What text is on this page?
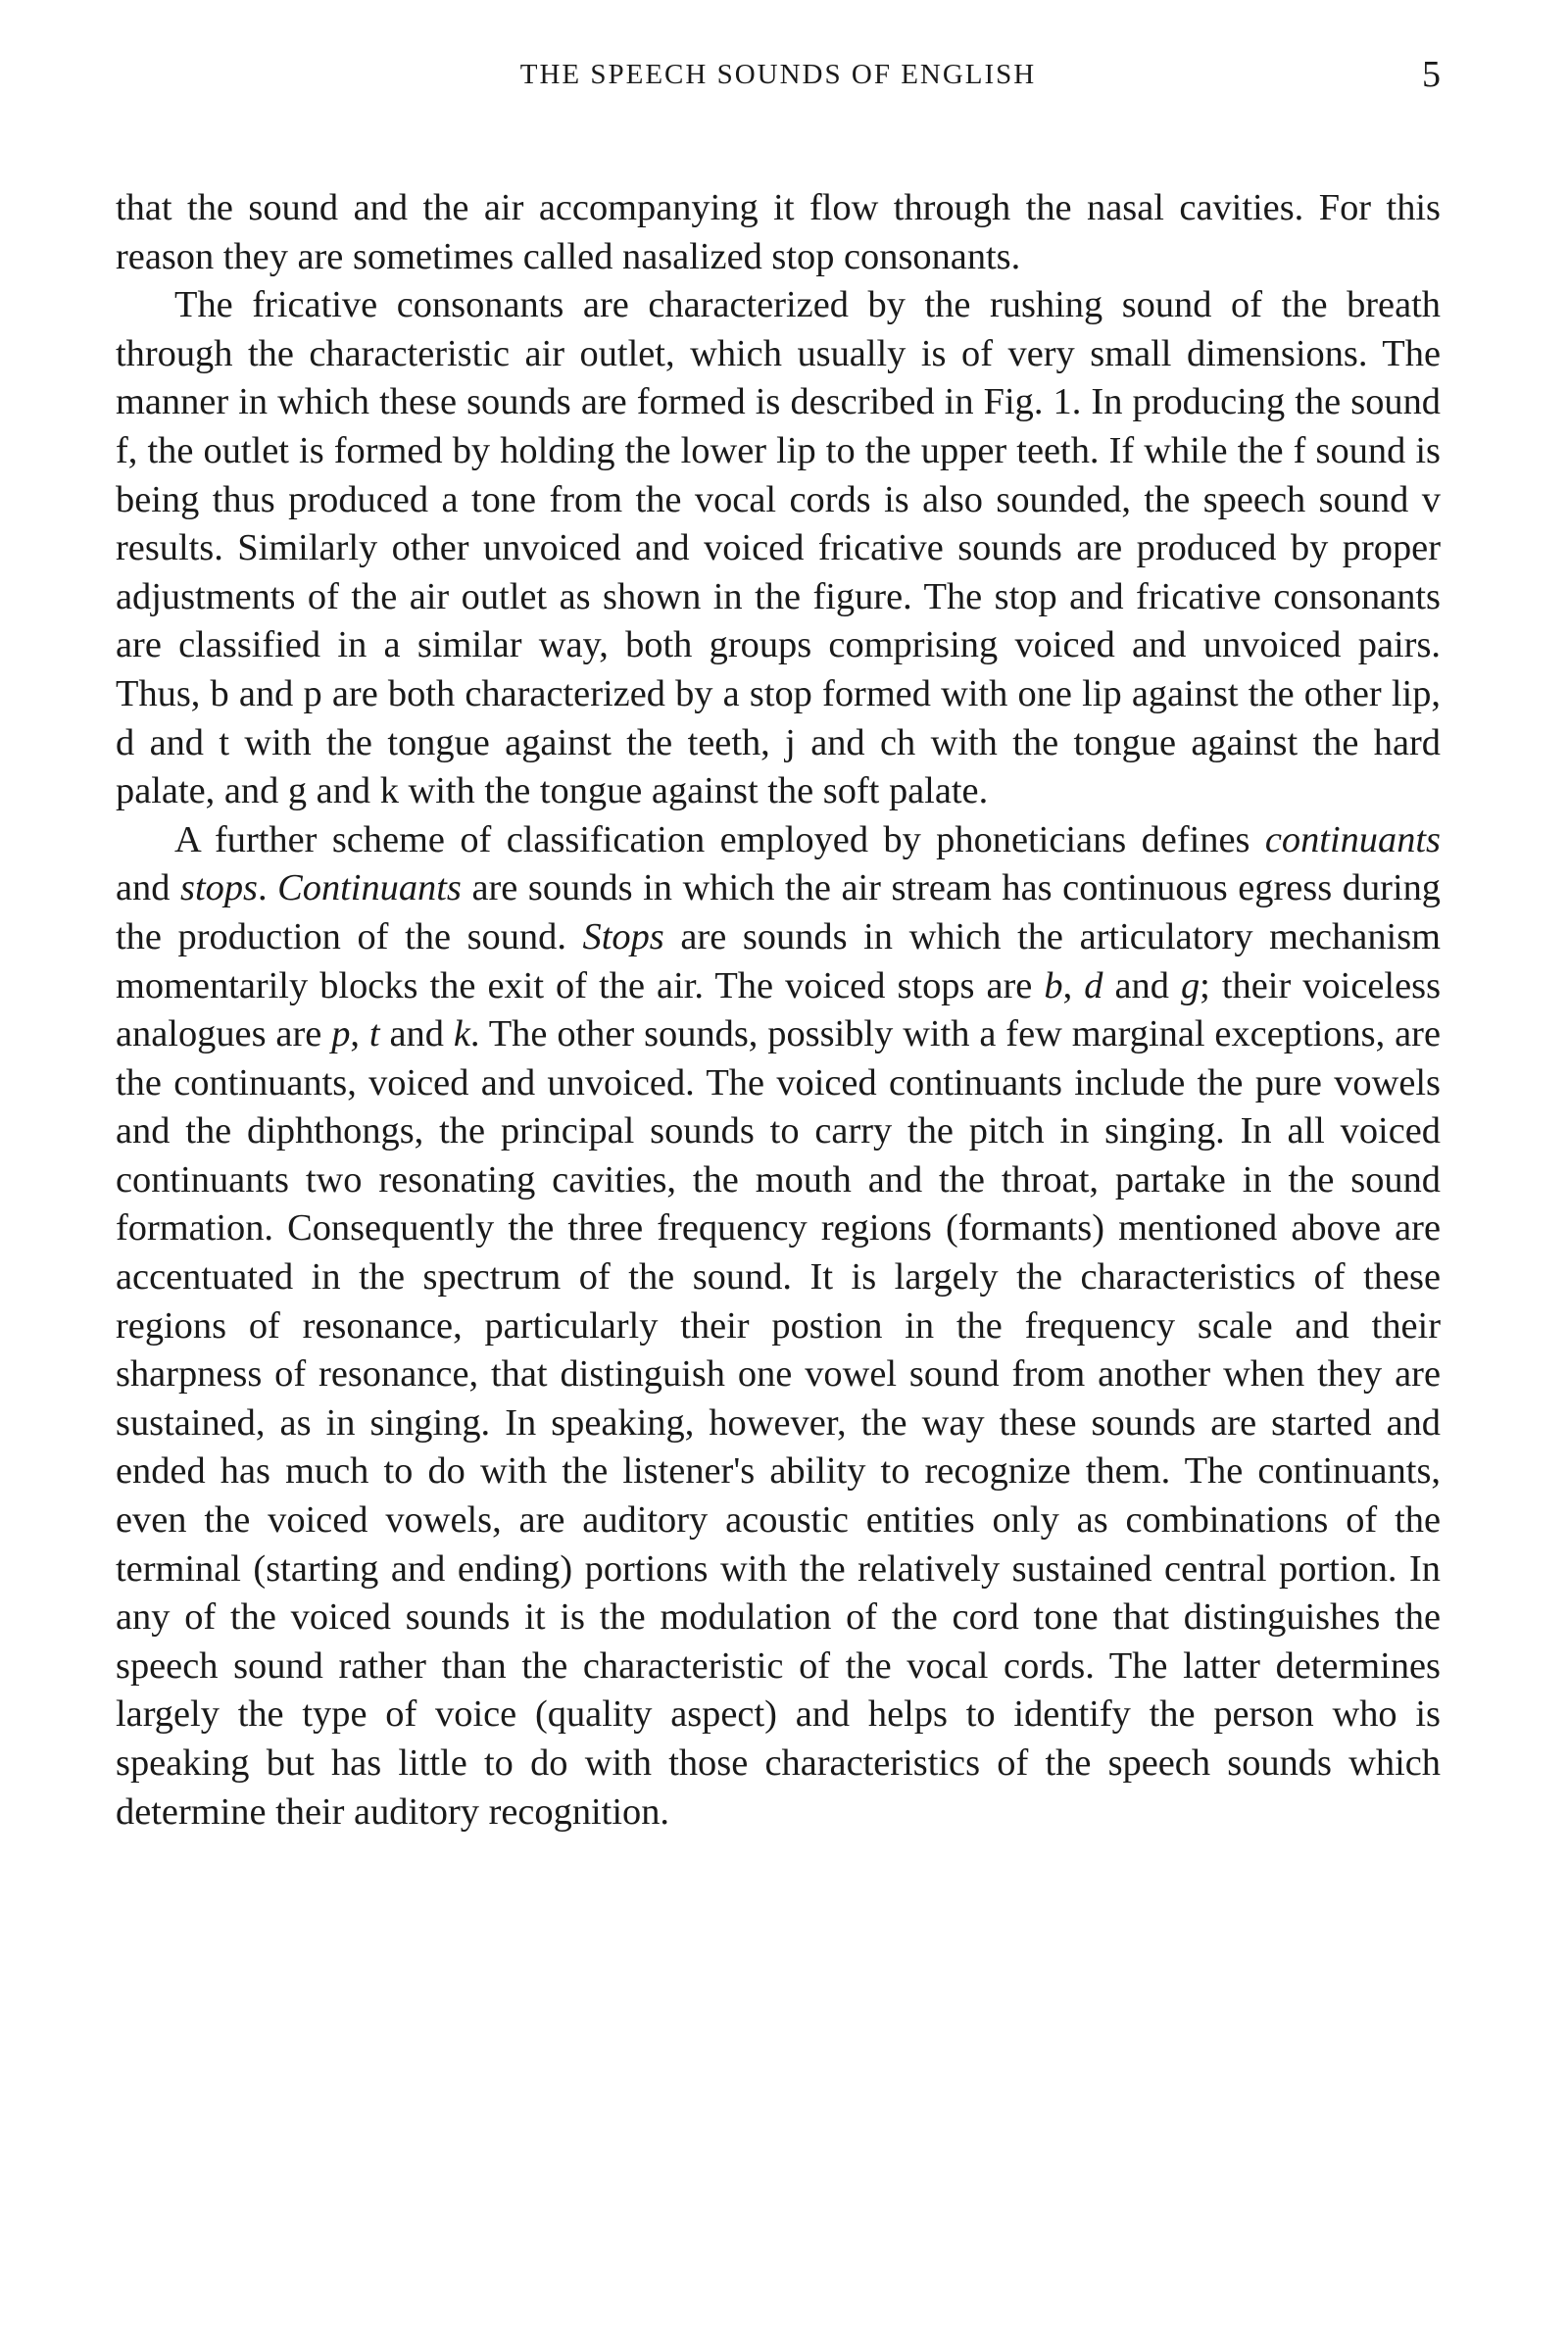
THE SPEECH SOUNDS OF ENGLISH	5

that the sound and the air accompanying it flow through the nasal cavities. For this reason they are sometimes called nasalized stop consonants.

The fricative consonants are characterized by the rushing sound of the breath through the characteristic air outlet, which usually is of very small dimensions. The manner in which these sounds are formed is described in Fig. 1. In producing the sound f, the outlet is formed by holding the lower lip to the upper teeth. If while the f sound is being thus produced a tone from the vocal cords is also sounded, the speech sound v results. Similarly other unvoiced and voiced fricative sounds are produced by proper adjustments of the air outlet as shown in the figure. The stop and fricative consonants are classified in a similar way, both groups comprising voiced and unvoiced pairs. Thus, b and p are both characterized by a stop formed with one lip against the other lip, d and t with the tongue against the teeth, j and ch with the tongue against the hard palate, and g and k with the tongue against the soft palate.

A further scheme of classification employed by phoneticians defines continuants and stops. Continuants are sounds in which the air stream has continuous egress during the production of the sound. Stops are sounds in which the articulatory mechanism momentarily blocks the exit of the air. The voiced stops are b, d and g; their voiceless analogues are p, t and k. The other sounds, possibly with a few marginal exceptions, are the continuants, voiced and unvoiced. The voiced continuants include the pure vowels and the diphthongs, the principal sounds to carry the pitch in singing. In all voiced continuants two resonating cavities, the mouth and the throat, partake in the sound formation. Consequently the three frequency regions (formants) mentioned above are accentuated in the spectrum of the sound. It is largely the characteristics of these regions of resonance, particularly their postion in the frequency scale and their sharpness of resonance, that distinguish one vowel sound from another when they are sustained, as in singing. In speaking, however, the way these sounds are started and ended has much to do with the listener's ability to recognize them. The continuants, even the voiced vowels, are auditory acoustic entities only as combinations of the terminal (starting and ending) portions with the relatively sustained central portion. In any of the voiced sounds it is the modulation of the cord tone that distinguishes the speech sound rather than the characteristic of the vocal cords. The latter determines largely the type of voice (quality aspect) and helps to identify the person who is speaking but has little to do with those characteristics of the speech sounds which determine their auditory recognition.
